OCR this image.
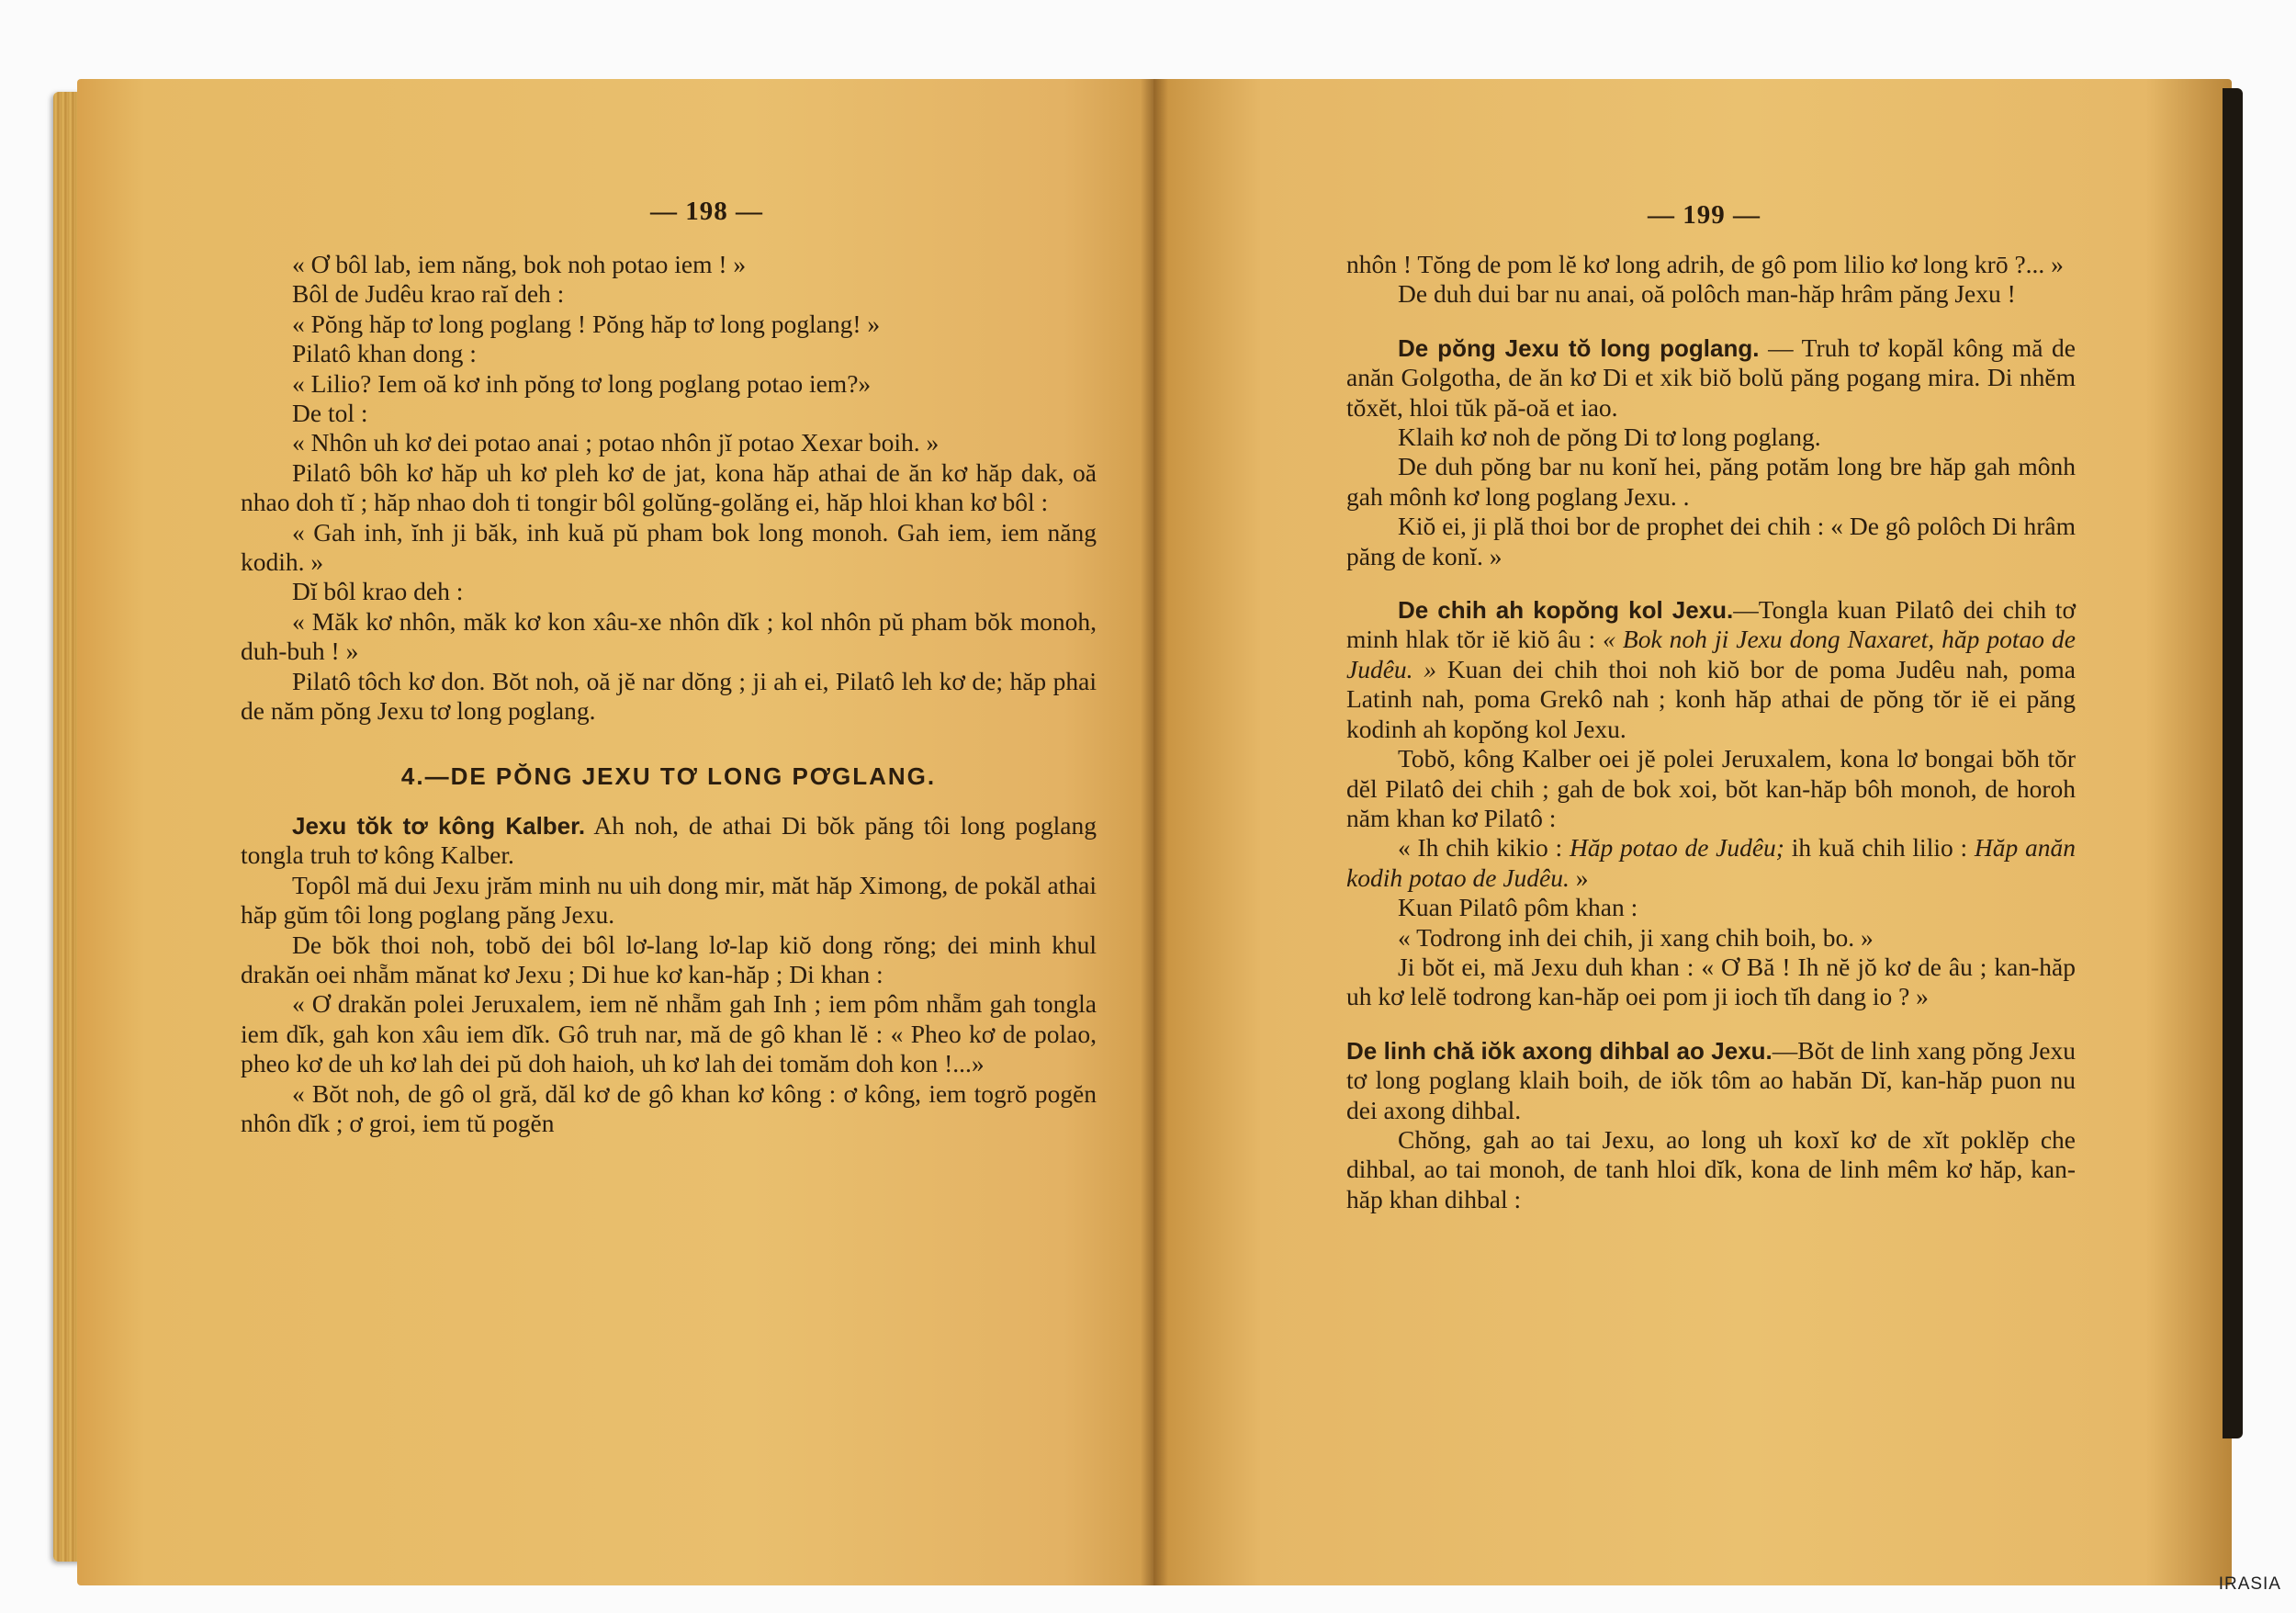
— 198 —

« Ơ bôl lab, iem năng, bok noh potao iem ! »

Bôl de Judêu krao raĭ deh :

« Pŏng hăp tơ long poglang ! Pŏng hăp tơ long poglang! »

Pilatô khan dong :

« Lilio? Iem oă kơ inh pŏng tơ long poglang potao iem?»

De tol :

« Nhôn uh kơ dei potao anai ; potao nhôn jĭ potao Xexar boih. »

Pilatô bôh kơ hăp uh kơ pleh kơ de jat, kona hăp athai de ăn kơ hăp dak, oă nhao doh tĭ ; hăp nhao doh ti tongir bôl golŭng-golăng ei, hăp hloi khan kơ bôl :

« Gah inh, ĭnh ji băk, inh kuă pŭ pham bok long monoh. Gah iem, iem năng kodih. »

Dĭ bôl krao deh :

« Măk kơ nhôn, măk kơ kon xâu-xe nhôn dĭk ; kol nhôn pŭ pham bŏk monoh, duh-buh ! »

Pilatô tôch kơ don. Bŏt noh, oă jĕ nar dŏng ; ji ah ei, Pilatô leh kơ de; hăp phai de năm pŏng Jexu tơ long poglang.

4.—DE PŎNG JEXU TƠ LONG PƠGLANG.

Jexu tŏk tơ kông Kalber. Ah noh, de athai Di bŏk păng tôi long poglang tongla truh tơ kông Kalber.

Topôl mă dui Jexu jrăm minh nu uih dong mir, măt hăp Ximong, de pokăl athai hăp gŭm tôi long poglang păng Jexu.

De bŏk thoi noh, tobŏ dei bôl lơ-lang lơ-lap kiŏ dong rŏng; dei minh khul drakăn oei nhẵm mănat kơ Jexu ; Di hue kơ kan-hăp ; Di khan :

« Ơ drakăn polei Jeruxalem, iem nĕ nhẵm gah Inh ; iem pôm nhẵm gah tongla iem dĭk, gah kon xâu iem dĭk. Gô truh nar, mă de gô khan lĕ : « Pheo kơ de polao, pheo kơ de uh kơ lah dei pŭ doh haioh, uh kơ lah dei tomăm doh kon !...»

« Bŏt noh, de gô ol gră, dăl kơ de gô khan kơ kông : ơ kông, iem togrŏ pogĕn nhôn dĭk ; ơ groi, iem tŭ pogĕn

— 199 —

nhôn ! Tŏng de pom lĕ kơ long adrih, de gô pom lilio kơ long krō ?... »

De duh dui bar nu anai, oă polôch man-hăp hrâm păng Jexu !

De pŏng Jexu tŏ long poglang. — Truh tơ kopăl kông mă de anăn Golgotha, de ăn kơ Di et xik biŏ bolŭ păng pogang mira. Di nhĕm tŏxĕt, hloi tŭk pă-oă et iao.

Klaih kơ noh de pŏng Di tơ long poglang.

De duh pŏng bar nu konĭ hei, păng potăm long bre hăp gah mônh gah mônh kơ long poglang Jexu. .

Kiŏ ei, ji plă thoi bor de prophet dei chih : « De gô polôch Di hrâm păng de konĭ. »

De chih ah kopŏng kol Jexu.—Tongla kuan Pilatô dei chih tơ minh hlak tŏr iĕ kiŏ âu : « Bok noh ji Jexu dong Naxaret, hăp potao de Judêu. » Kuan dei chih thoi noh kiŏ bor de poma Judêu nah, poma Latinh nah, poma Grekô nah ; konh hăp athai de pŏng tŏr iĕ ei păng kodinh ah kopŏng kol Jexu.

Tobŏ, kông Kalber oei jĕ polei Jeruxalem, kona lơ bongai bŏh tŏr dĕl Pilatô dei chih ; gah de bok xoi, bŏt kan-hăp bôh monoh, de horoh năm khan kơ Pilatô :

« Ih chih kikio : Hăp potao de Judêu; ih kuă chih lilio : Hăp anăn kodih potao de Judêu. »

Kuan Pilatô pôm khan :

« Todrong inh dei chih, ji xang chih boih, bo. »

Ji bŏt ei, mă Jexu duh khan : « Ơ Bă ! Ih nĕ jŏ kơ de âu ; kan-hăp uh kơ lelĕ todrong kan-hăp oei pom ji ioch tĭh dang io ? »

De linh chă iŏk axong dihbal ao Jexu.—Bŏt de linh xang pŏng Jexu tơ long poglang klaih boih, de iŏk tôm ao habăn Dĭ, kan-hăp puon nu dei axong dihbal.

Chŏng, gah ao tai Jexu, ao long uh koxĭ kơ de xĭt poklĕp che dihbal, ao tai monoh, de tanh hloi dĭk, kona de linh mêm kơ hăp, kan-hăp khan dihbal :

IRASIA
